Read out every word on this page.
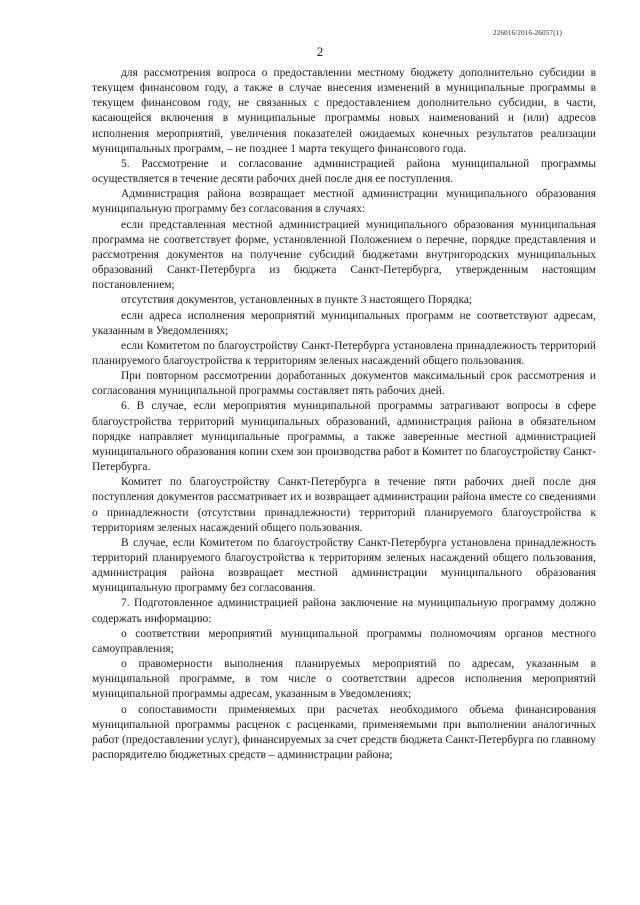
226016/2016-26057(1)
2

для рассмотрения вопроса о предоставлении местному бюджету дополнительно субсидии в текущем финансовом году, а также в случае внесения изменений в муниципальные программы в текущем финансовом году, не связанных с предоставлением дополнительно субсидии, в части, касающейся включения в муниципальные программы новых наименований и (или) адресов исполнения мероприятий, увеличения показателей ожидаемых конечных результатов реализации муниципальных программ, – не позднее 1 марта текущего финансового года.

5. Рассмотрение и согласование администрацией района муниципальной программы осуществляется в течение десяти рабочих дней после дня ее поступления.

Администрация района возвращает местной администрации муниципального образования муниципальную программу без согласования в случаях:

если представленная местной администрацией муниципального образования муниципальная программа не соответствует форме, установленной Положением о перечне, порядке представления и рассмотрения документов на получение субсидий бюджетами внутригородских муниципальных образований Санкт-Петербурга из бюджета Санкт-Петербурга, утвержденным настоящим постановлением;

отсутствия документов, установленных в пункте 3 настоящего Порядка;

если адреса исполнения мероприятий муниципальных программ не соответствуют адресам, указанным в Уведомлениях;

если Комитетом по благоустройству Санкт-Петербурга установлена принадлежность территорий планируемого благоустройства к территориям зеленых насаждений общего пользования.

При повторном рассмотрении доработанных документов максимальный срок рассмотрения и согласования муниципальной программы составляет пять рабочих дней.

6. В случае, если мероприятия муниципальной программы затрагивают вопросы в сфере благоустройства территорий муниципальных образований, администрация района в обязательном порядке направляет муниципальные программы, а также заверенные местной администрацией муниципального образования копии схем зон производства работ в Комитет по благоустройству Санкт-Петербурга.

Комитет по благоустройству Санкт-Петербурга в течение пяти рабочих дней после дня поступления документов рассматривает их и возвращает администрации района вместе со сведениями о принадлежности (отсутствии принадлежности) территорий планируемого благоустройства к территориям зеленых насаждений общего пользования.

В случае, если Комитетом по благоустройству Санкт-Петербурга установлена принадлежность территорий планируемого благоустройства к территориям зеленых насаждений общего пользования, администрация района возвращает местной администрации муниципального образования муниципальную программу без согласования.

7. Подготовленное администрацией района заключение на муниципальную программу должно содержать информацию:

о соответствии мероприятий муниципальной программы полномочиям органов местного самоуправления;

о правомерности выполнения планируемых мероприятий по адресам, указанным в муниципальной программе, в том числе о соответствии адресов исполнения мероприятий муниципальной программы адресам, указанным в Уведомлениях;

о сопоставимости применяемых при расчетах необходимого объема финансирования муниципальной программы расценок с расценками, применяемыми при выполнении аналогичных работ (предоставлении услуг), финансируемых за счет средств бюджета Санкт-Петербурга по главному распорядителю бюджетных средств – администрации района;
